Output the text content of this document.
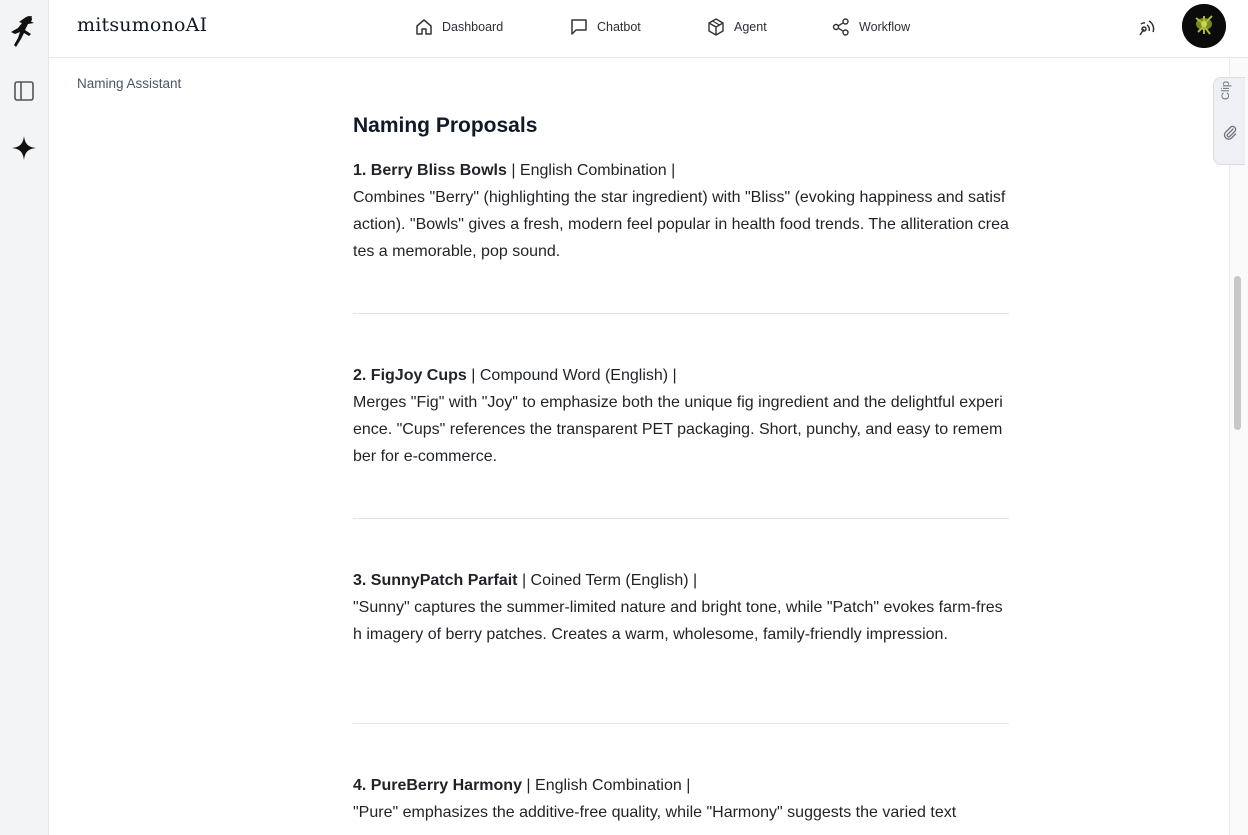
mitsumonoAI	Dashboard	Chatbot	Agent	Workflow
Naming Assistant
Naming Proposals
1. Berry Bliss Bowls | English Combination |
Combines "Berry" (highlighting the star ingredient) with "Bliss" (evoking happiness and satisfaction). "Bowls" gives a fresh, modern feel popular in health food trends. The alliteration creates a memorable, pop sound.
2. FigJoy Cups | Compound Word (English) |
Merges "Fig" with "Joy" to emphasize both the unique fig ingredient and the delightful experience. "Cups" references the transparent PET packaging. Short, punchy, and easy to remember for e-commerce.
3. SunnyPatch Parfait | Coined Term (English) |
"Sunny" captures the summer-limited nature and bright tone, while "Patch" evokes farm-fresh imagery of berry patches. Creates a warm, wholesome, family-friendly impression.
4. PureBerry Harmony | English Combination |
"Pure" emphasizes the additive-free quality, while "Harmony" suggests the varied text
Clip
